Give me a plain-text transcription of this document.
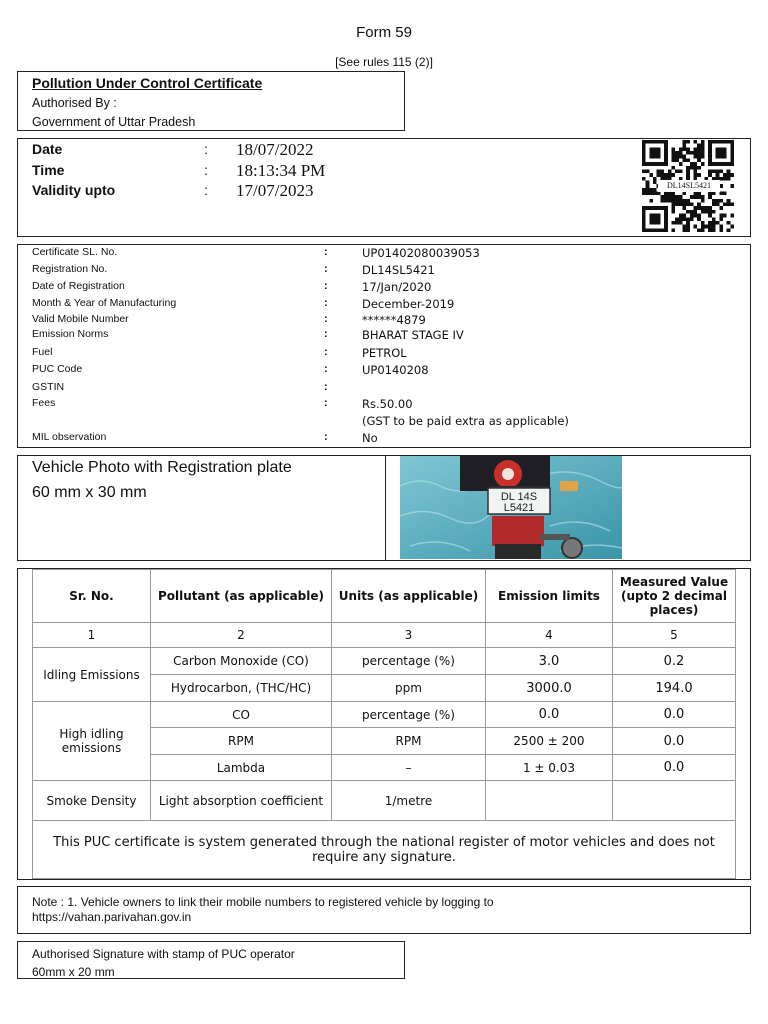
Form 59
[See rules 115 (2)]
Pollution Under Control Certificate
Authorised By :
Government of Uttar Pradesh
Date	: 18/07/2022
Time	: 18:13:34 PM
Validity upto	: 17/07/2023	DL14SL5421
Certificate SL. No.	:	UP01402080039053
Registration No.	:	DL14SL5421
Date of Registration	:	17/Jan/2020
Month & Year of Manufacturing	:	December-2019
Valid Mobile Number	:	******4879
Emission Norms	:	BHARAT STAGE IV
Fuel	:	PETROL
PUC Code	:	UP0140208
GSTIN	:
Fees	:	Rs.50.00
(GST to be paid extra as applicable)
MIL observation	:	No
Vehicle Photo with Registration plate
60 mm x 30 mm	DL 14S
L5421
Sr. No.	Pollutant (as applicable)	Units (as applicable)	Emission limits	Measured Value (upto 2 decimal places)
1	2	3	4	5
Idling Emissions	Carbon Monoxide (CO)	percentage (%)	3.0	0.2
	Hydrocarbon, (THC/HC)	ppm	3000.0	194.0
High idling emissions	CO	percentage (%)	0.0	0.0
	RPM	RPM	2500 ± 200	0.0
	Lambda	–	1 ± 0.03	0.0
Smoke Density	Light absorption coefficient	1/metre		
This PUC certificate is system generated through the national register of motor vehicles and does not require any signature.				
Note : 1. Vehicle owners to link their mobile numbers to registered vehicle by logging to
https://vahan.parivahan.gov.in
Authorised Signature with stamp of PUC operator
60mm x 20 mm
